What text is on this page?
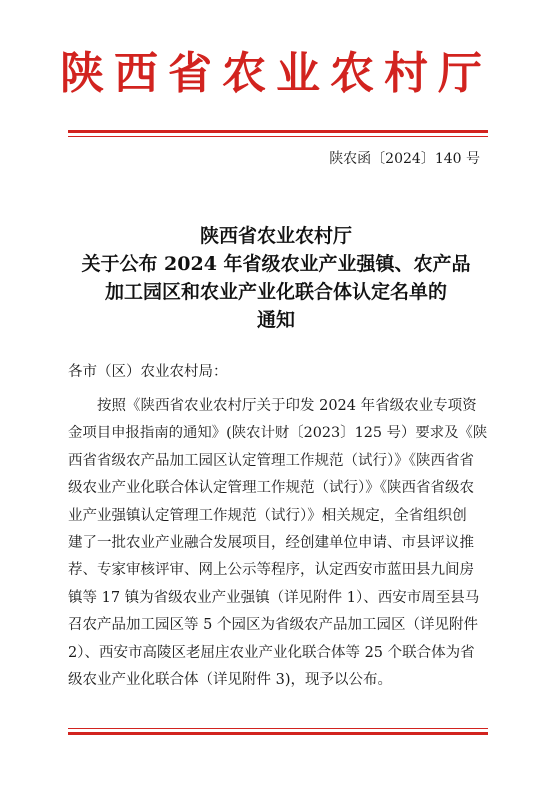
陕西省农业农村厅
陕农函〔2024〕140 号
陕西省农业农村厅
关于公布 2024 年省级农业产业强镇、农产品
加工园区和农业产业化联合体认定名单的
通知
各市（区）农业农村局：
按照《陕西省农业农村厅关于印发 2024 年省级农业专项资
金项目申报指南的通知》(陕农计财〔2023〕125 号）要求及《陕
西省省级农产品加工园区认定管理工作规范（试行）》《陕西省省
级农业产业化联合体认定管理工作规范（试行）》《陕西省省级农
业产业强镇认定管理工作规范（试行）》相关规定，全省组织创
建了一批农业产业融合发展项目，经创建单位申请、市县评议推
荐、专家审核评审、网上公示等程序，认定西安市蓝田县九间房
镇等 17 镇为省级农业产业强镇（详见附件 1）、西安市周至县马
召农产品加工园区等 5 个园区为省级农产品加工园区（详见附件
2）、西安市高陵区老屈庄农业产业化联合体等 25 个联合体为省
级农业产业化联合体（详见附件 3)，现予以公布。
